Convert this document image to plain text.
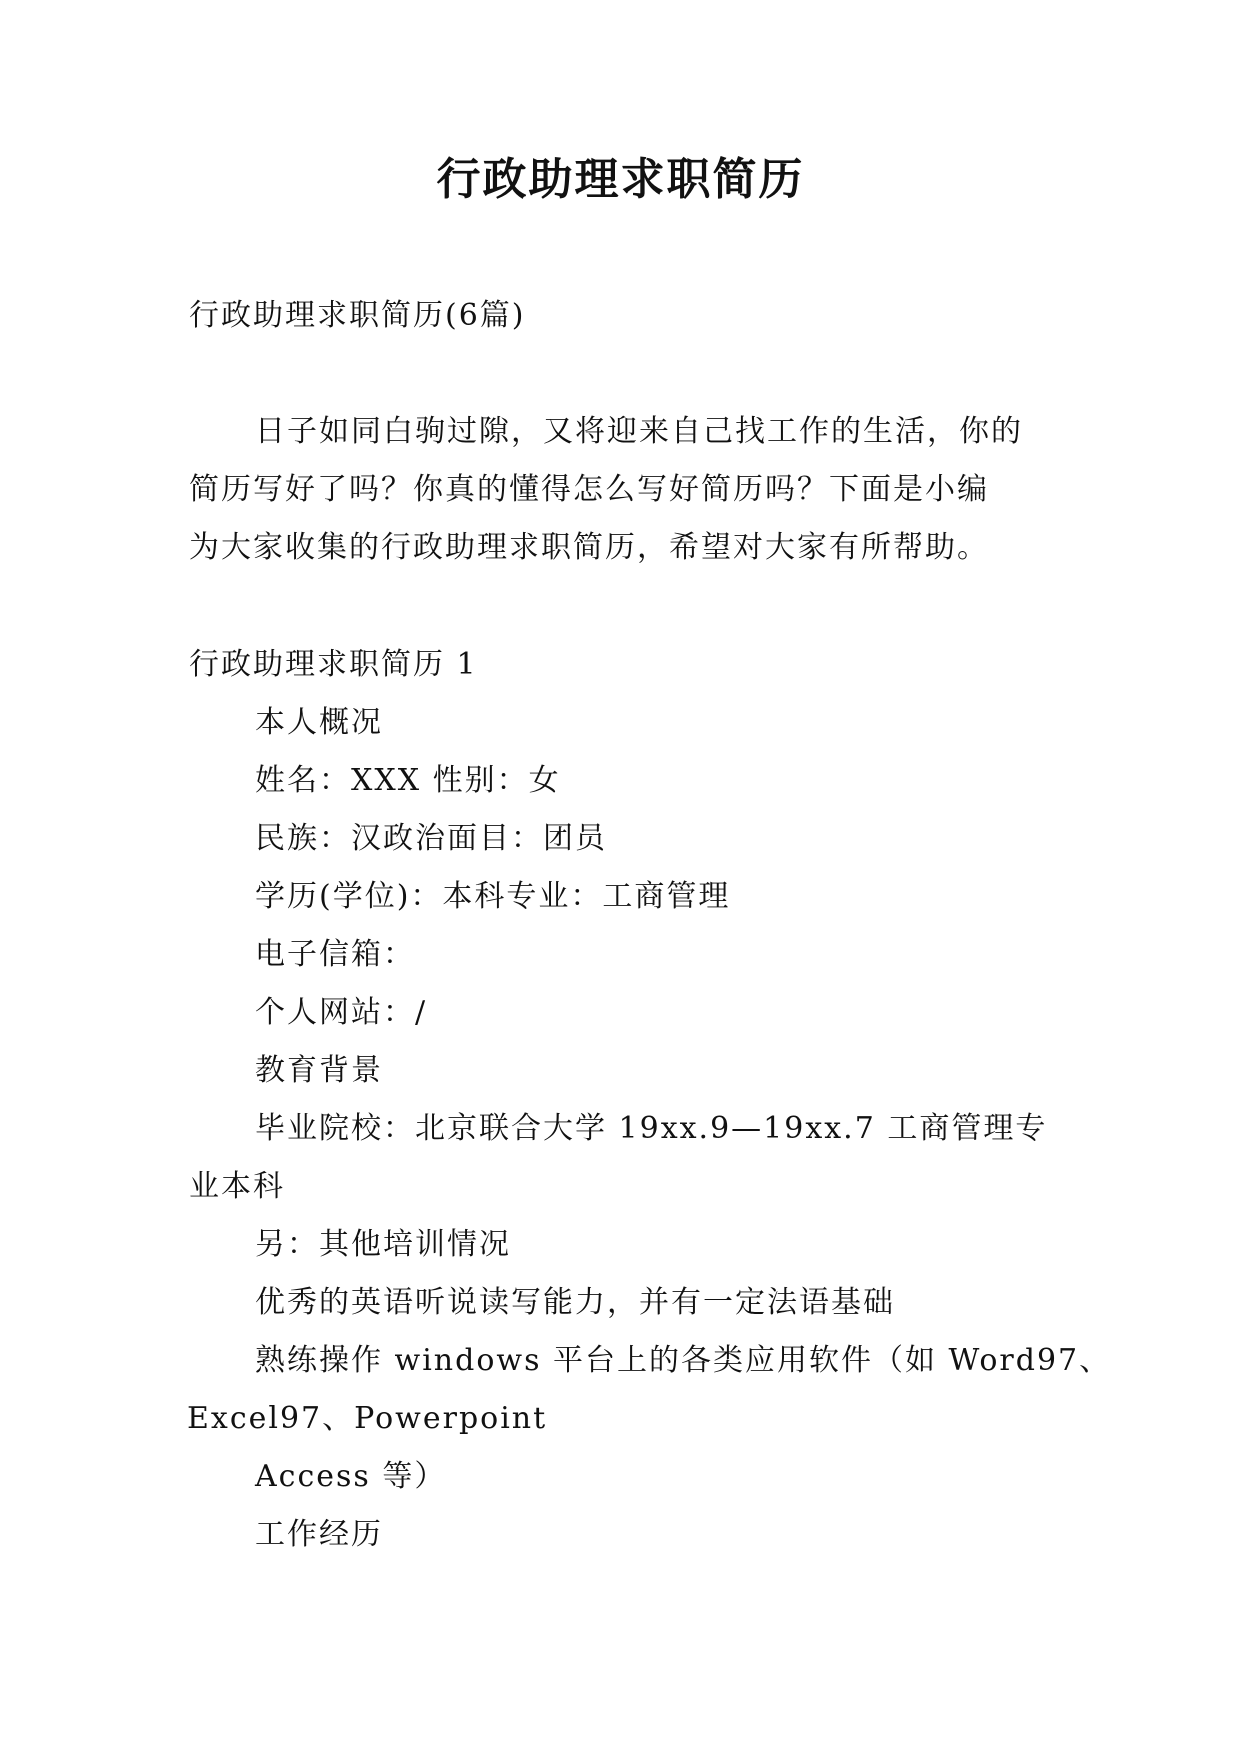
行政助理求职简历
行政助理求职简历(6篇)
日子如同白驹过隙，又将迎来自己找工作的生活，你的
简历写好了吗？你真的懂得怎么写好简历吗？下面是小编
为大家收集的行政助理求职简历，希望对大家有所帮助。
行政助理求职简历 1
本人概况
姓名：XXX 性别：女
民族：汉政治面目：团员
学历(学位)：本科专业：工商管理
电子信箱：
个人网站：/
教育背景
毕业院校：北京联合大学 19xx.9—19xx.7 工商管理专
业本科
另：其他培训情况
优秀的英语听说读写能力，并有一定法语基础
熟练操作 windows 平台上的各类应用软件（如 Word97、
Excel97、Powerpoint
Access 等）
工作经历
